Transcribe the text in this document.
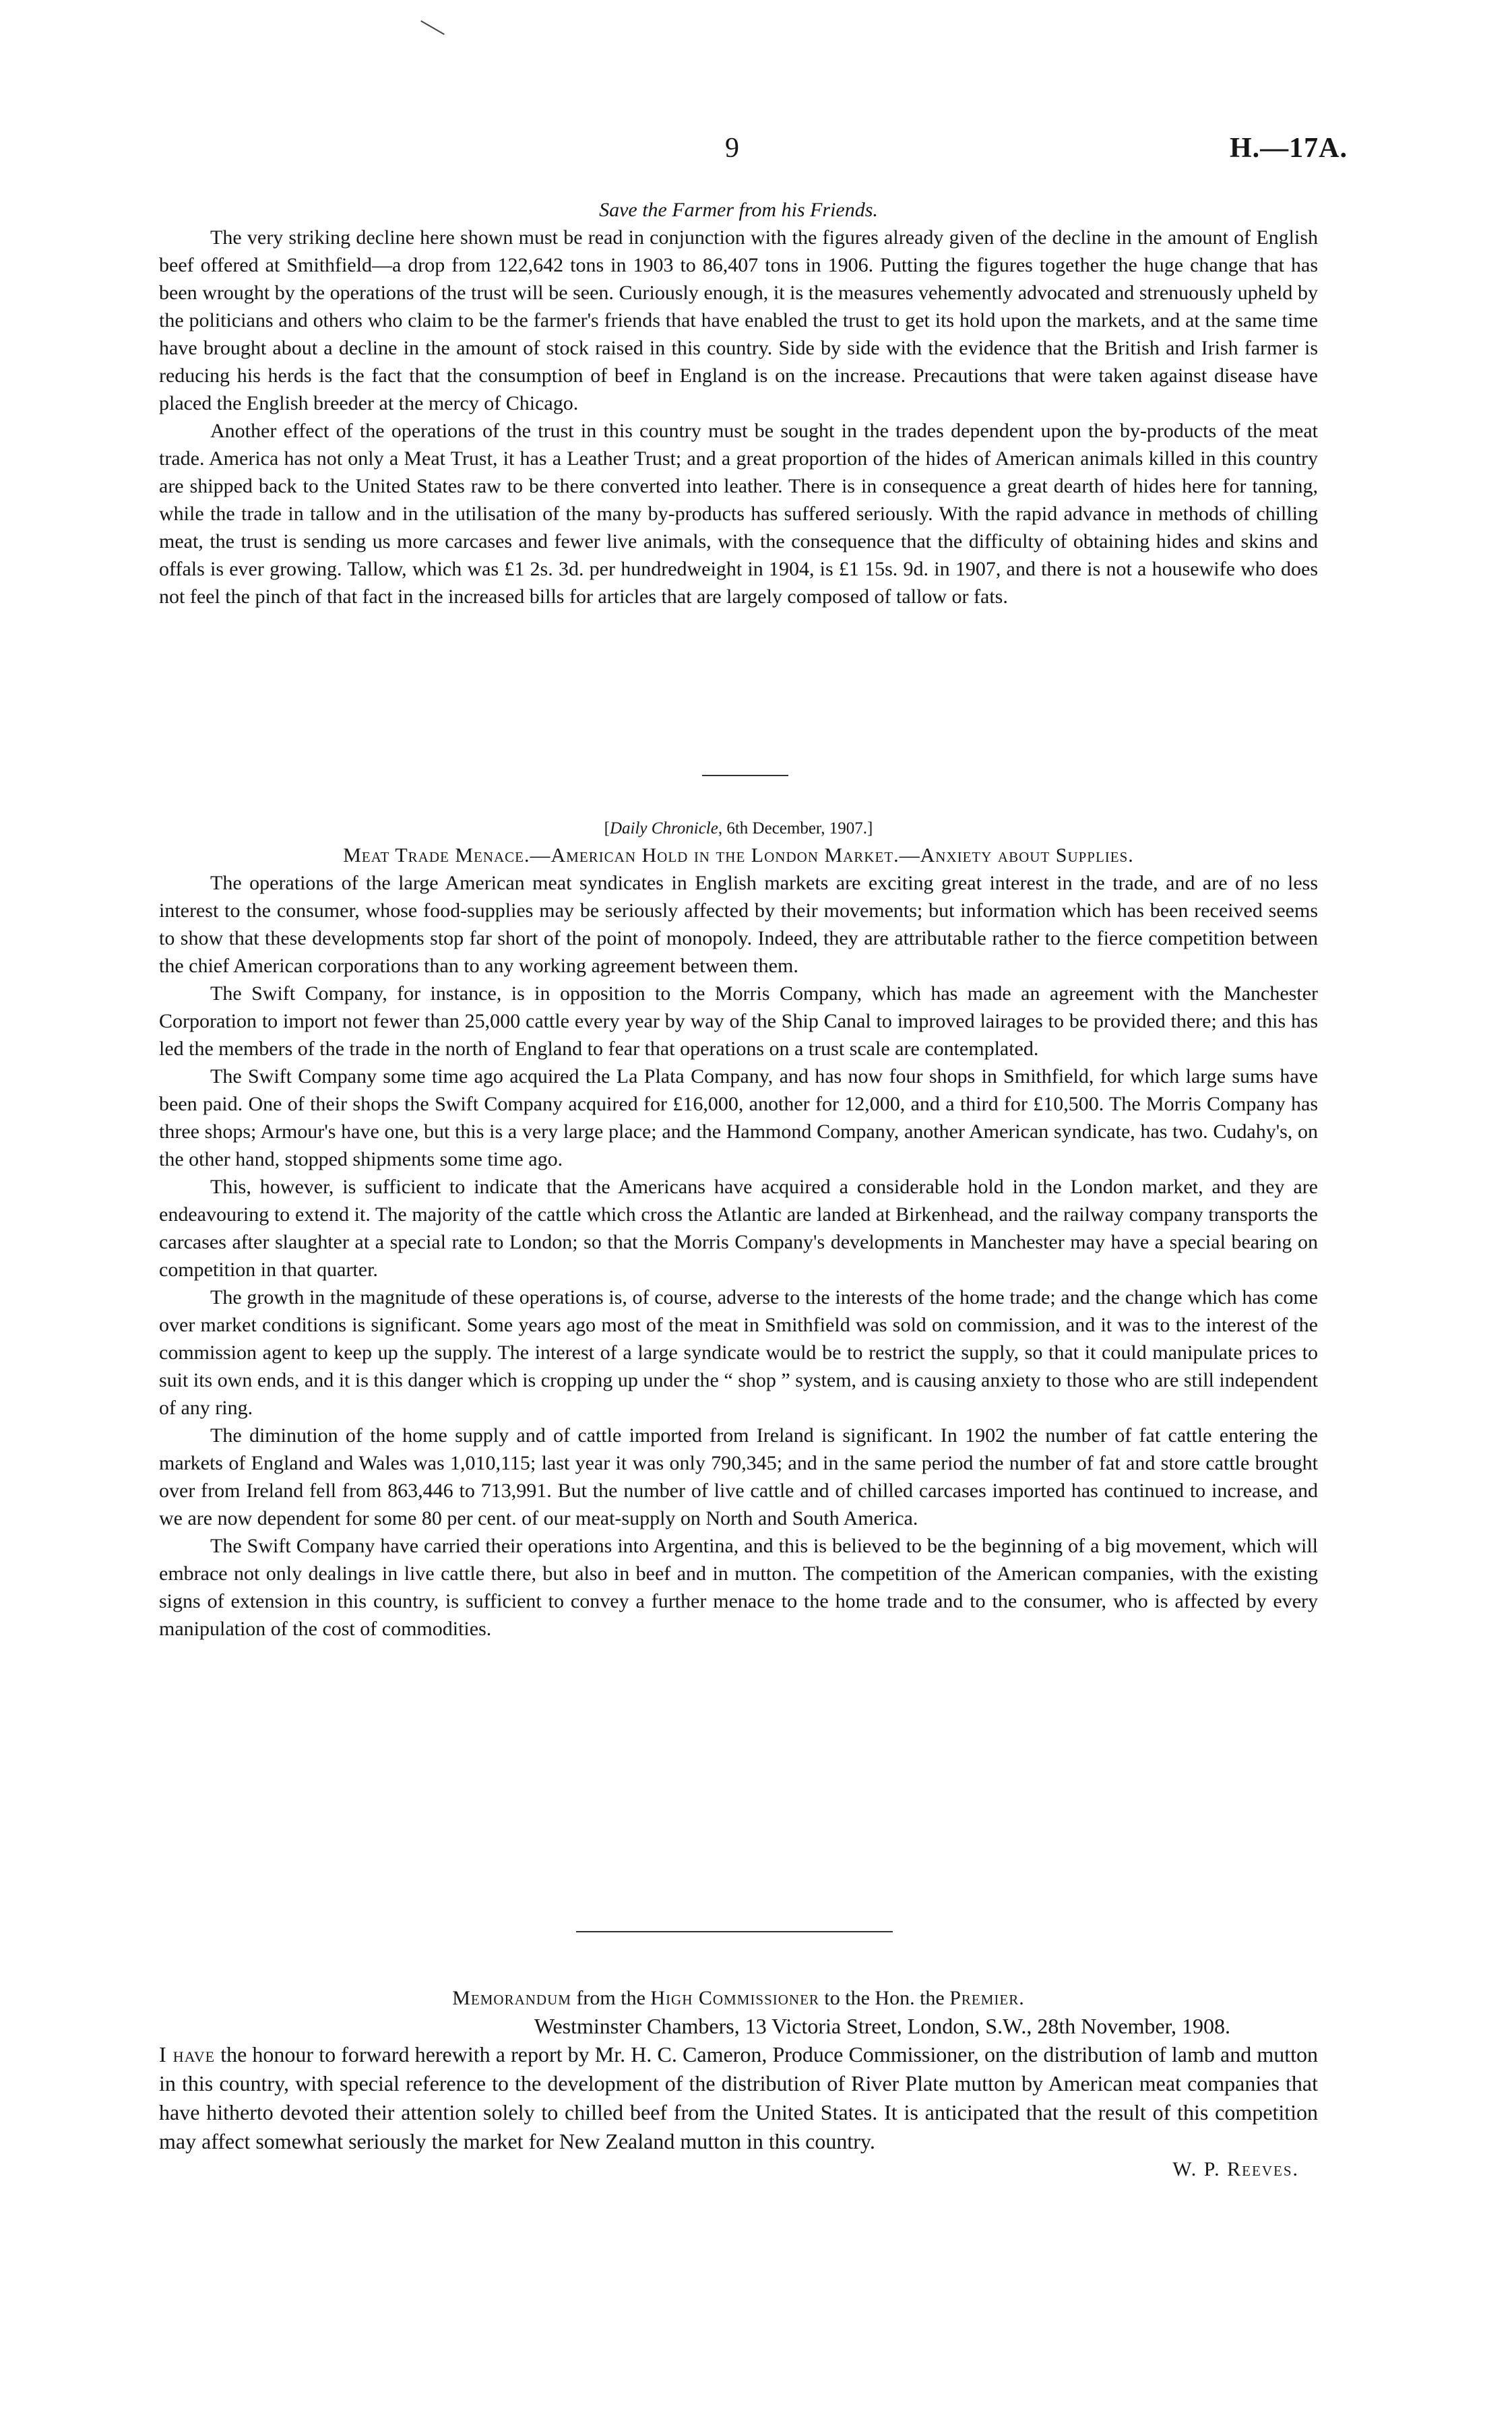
9	H.—17A.
Save the Farmer from his Friends.

The very striking decline here shown must be read in conjunction with the figures already given of the decline in the amount of English beef offered at Smithfield—a drop from 122,642 tons in 1903 to 86,407 tons in 1906. Putting the figures together the huge change that has been wrought by the operations of the trust will be seen. Curiously enough, it is the measures vehemently advocated and strenuously upheld by the politicians and others who claim to be the farmer's friends that have enabled the trust to get its hold upon the markets, and at the same time have brought about a decline in the amount of stock raised in this country. Side by side with the evidence that the British and Irish farmer is reducing his herds is the fact that the consumption of beef in England is on the increase. Precautions that were taken against disease have placed the English breeder at the mercy of Chicago.

Another effect of the operations of the trust in this country must be sought in the trades dependent upon the by-products of the meat trade. America has not only a Meat Trust, it has a Leather Trust; and a great proportion of the hides of American animals killed in this country are shipped back to the United States raw to be there converted into leather. There is in consequence a great dearth of hides here for tanning, while the trade in tallow and in the utilisation of the many by-products has suffered seriously. With the rapid advance in methods of chilling meat, the trust is sending us more carcases and fewer live animals, with the consequence that the difficulty of obtaining hides and skins and offals is ever growing. Tallow, which was £1 2s. 3d. per hundredweight in 1904, is £1 15s. 9d. in 1907, and there is not a housewife who does not feel the pinch of that fact in the increased bills for articles that are largely composed of tallow or fats.

[Daily Chronicle, 6th December, 1907.]
Meat Trade Menace.—American Hold in the London Market.—Anxiety about Supplies.

The operations of the large American meat syndicates in English markets are exciting great interest in the trade, and are of no less interest to the consumer, whose food-supplies may be seriously affected by their movements; but information which has been received seems to show that these developments stop far short of the point of monopoly. Indeed, they are attributable rather to the fierce competition between the chief American corporations than to any working agreement between them.

The Swift Company, for instance, is in opposition to the Morris Company, which has made an agreement with the Manchester Corporation to import not fewer than 25,000 cattle every year by way of the Ship Canal to improved lairages to be provided there; and this has led the members of the trade in the north of England to fear that operations on a trust scale are contemplated.

The Swift Company some time ago acquired the La Plata Company, and has now four shops in Smithfield, for which large sums have been paid. One of their shops the Swift Company acquired for £16,000, another for 12,000, and a third for £10,500. The Morris Company has three shops; Armour's have one, but this is a very large place; and the Hammond Company, another American syndicate, has two. Cudahy's, on the other hand, stopped shipments some time ago.

This, however, is sufficient to indicate that the Americans have acquired a considerable hold in the London market, and they are endeavouring to extend it. The majority of the cattle which cross the Atlantic are landed at Birkenhead, and the railway company transports the carcases after slaughter at a special rate to London; so that the Morris Company's developments in Manchester may have a special bearing on competition in that quarter.

The growth in the magnitude of these operations is, of course, adverse to the interests of the home trade; and the change which has come over market conditions is significant. Some years ago most of the meat in Smithfield was sold on commission, and it was to the interest of the commission agent to keep up the supply. The interest of a large syndicate would be to restrict the supply, so that it could manipulate prices to suit its own ends, and it is this danger which is cropping up under the “ shop ” system, and is causing anxiety to those who are still independent of any ring.

The diminution of the home supply and of cattle imported from Ireland is significant. In 1902 the number of fat cattle entering the markets of England and Wales was 1,010,115; last year it was only 790,345; and in the same period the number of fat and store cattle brought over from Ireland fell from 863,446 to 713,991. But the number of live cattle and of chilled carcases imported has continued to increase, and we are now dependent for some 80 per cent. of our meat-supply on North and South America.

The Swift Company have carried their operations into Argentina, and this is believed to be the beginning of a big movement, which will embrace not only dealings in live cattle there, but also in beef and in mutton. The competition of the American companies, with the existing signs of extension in this country, is sufficient to convey a further menace to the home trade and to the consumer, who is affected by every manipulation of the cost of commodities.

Memorandum from the High Commissioner to the Hon. the Premier.
Westminster Chambers, 13 Victoria Street, London, S.W., 28th November, 1908.

I have the honour to forward herewith a report by Mr. H. C. Cameron, Produce Commissioner, on the distribution of lamb and mutton in this country, with special reference to the development of the distribution of River Plate mutton by American meat companies that have hitherto devoted their attention solely to chilled beef from the United States. It is anticipated that the result of this competition may affect somewhat seriously the market for New Zealand mutton in this country.

W. P. Reeves.
